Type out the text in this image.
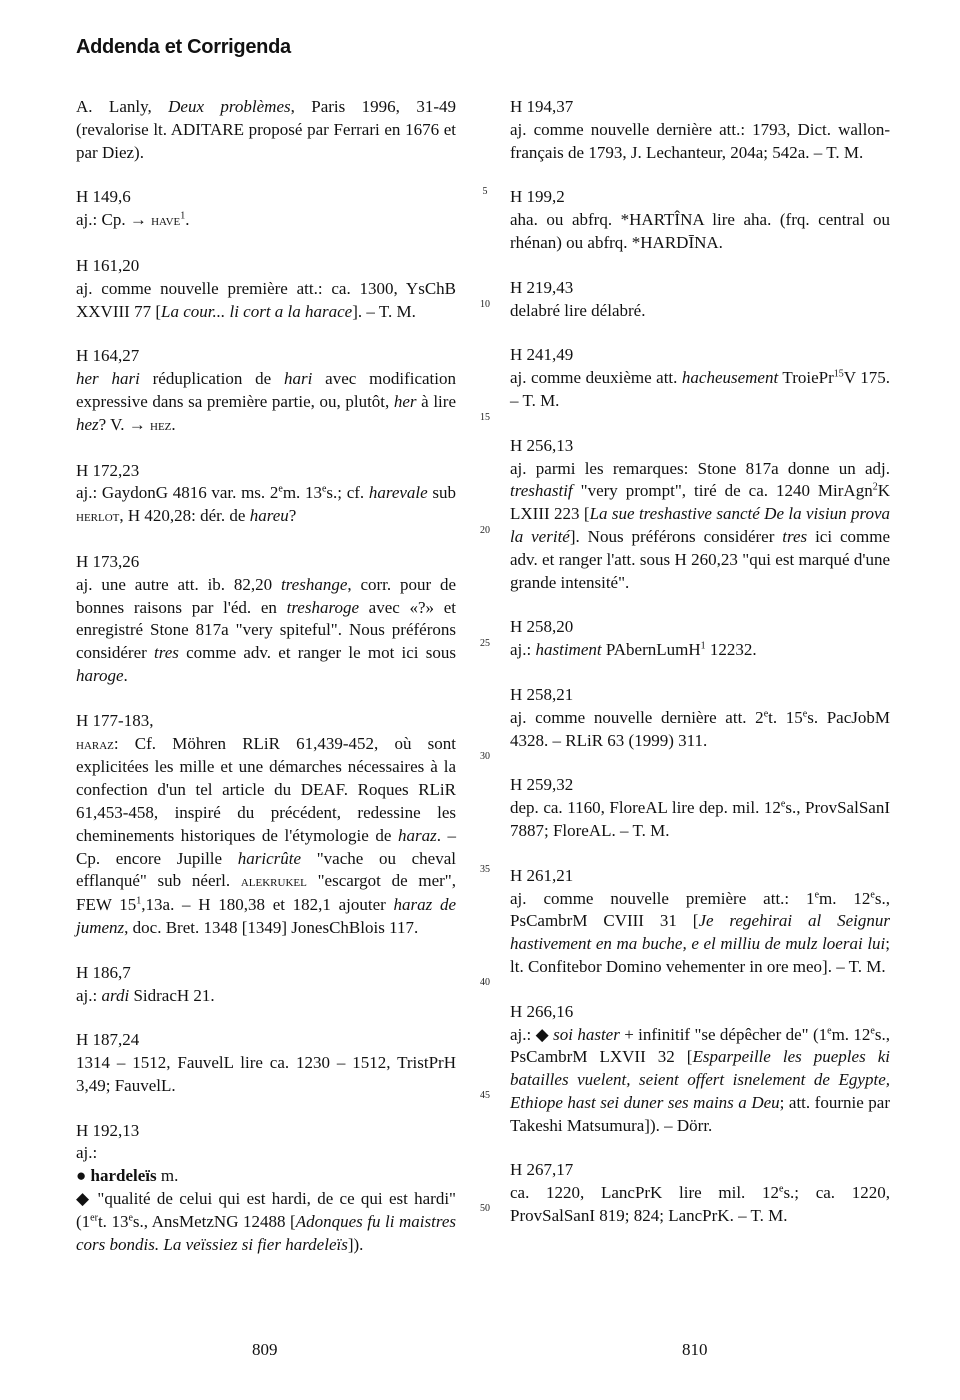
Addenda et Corrigenda

A. Lanly, Deux problèmes, Paris 1996, 31-49 (revalorise lt. ADITARE proposé par Ferrari en 1676 et par Diez).

H 149,6

aj.: Cp. → have$^1$.

H 161,20

aj. comme nouvelle première att.: ca. 1300, YsChB XXVIII 77 [La cour... li cort a la harace]. – T. M.

H 164,27

her hari réduplication de hari avec modification expressive dans sa première partie, ou, plutôt, her à lire hez? V. → hez.

H 172,23

aj.: GaydonG 4816 var. ms. 2em. 13es.; cf. harevale sub herlot, H 420,28: dér. de hareu?

H 173,26

aj. une autre att. ib. 82,20 treshange, corr. pour de bonnes raisons par l'éd. en tresharoge avec «?» et enregistré Stone 817a "very spiteful". Nous préférons considérer tres comme adv. et ranger le mot ici sous haroge.

H 177-183,

haraz: Cf. Möhren RLiR 61,439-452, où sont explicitées les mille et une démarches nécessaires à la confection d'un tel article du DEAF. Roques RLiR 61,453-458, inspiré du précédent, redessine les cheminements historiques de l'étymologie de haraz. – Cp. encore Jupille haricrûte "vache ou cheval efflanqué" sub néerl. alekrukel "escargot de mer", FEW $15^1,13a$. – H 180,38 et 182,1 ajouter haraz de jumenz, doc. Bret. 1348 [1349] JonesChBlois 117.

H 186,7

aj.: ardi SidracH 21.

H 187,24

1314 – 1512, FauvelL lire ca. 1230 – 1512, TristPrH 3,49; FauvelL.

H 192,13

aj.:

● hardeleïs m.

◆ "qualité de celui qui est hardi, de ce qui est hardi" (1ert. 13es., AnsMetzNG 12488 [Adonques fu li maistres cors bondis. La veïssiez si fier hardeleïs]).

H 194,37

aj. comme nouvelle dernière att.: 1793, Dict. wallon-français de 1793, J. Lechanteur, 204a; 542a. – T. M.

H 199,2

aha. ou abfrq. *HARTÎNA lire aha. (frq. central ou rhénan) ou abfrq. *HARDĪNA.

H 219,43

delabré lire délabré.

H 241,49

aj. comme deuxième att. hacheusement TroiePr$^{15}$V 175. – T. M.

H 256,13

aj. parmi les remarques: Stone 817a donne un adj. treshastif "very prompt", tiré de ca. 1240 MirAgn$^2$K LXIII 223 [La sue treshastive sancté De la visiun prova la verité]. Nous préférons considérer tres ici comme adv. et ranger l'att. sous H 260,23 "qui est marqué d'une grande intensité".

H 258,20

aj.: hastiment PAbernLumH$^1$ 12232.

H 258,21

aj. comme nouvelle dernière att. 2et. 15es. PacJobM 4328. – RLiR 63 (1999) 311.

H 259,32

dep. ca. 1160, FloreAL lire dep. mil. 12es., ProvSalSanI 7887; FloreAL. – T. M.

H 261,21

aj. comme nouvelle première att.: 1em. 12es., PsCambrM CVIII 31 [Je regehirai al Seignur hastivement en ma buche, e el milliu de mulz loerai lui; lt. Confitebor Domino vehementer in ore meo]. – T. M.

H 266,16

aj.: ◆ soi haster + infinitif "se dépêcher de" (1em. 12es., PsCambrM LXVII 32 [Esparpeille les pueples ki batailles vuelent, seient offert isnelement de Egypte, Ethiope hast sei duner ses mains a Deu; att. fournie par Takeshi Matsumura]). – Dörr.

H 267,17

ca. 1220, LancPrK lire mil. 12es.; ca. 1220, ProvSalSanI 819; 824; LancPrK. – T. M.

5
10
15
20
25
30
35
40
45
50
809	810
